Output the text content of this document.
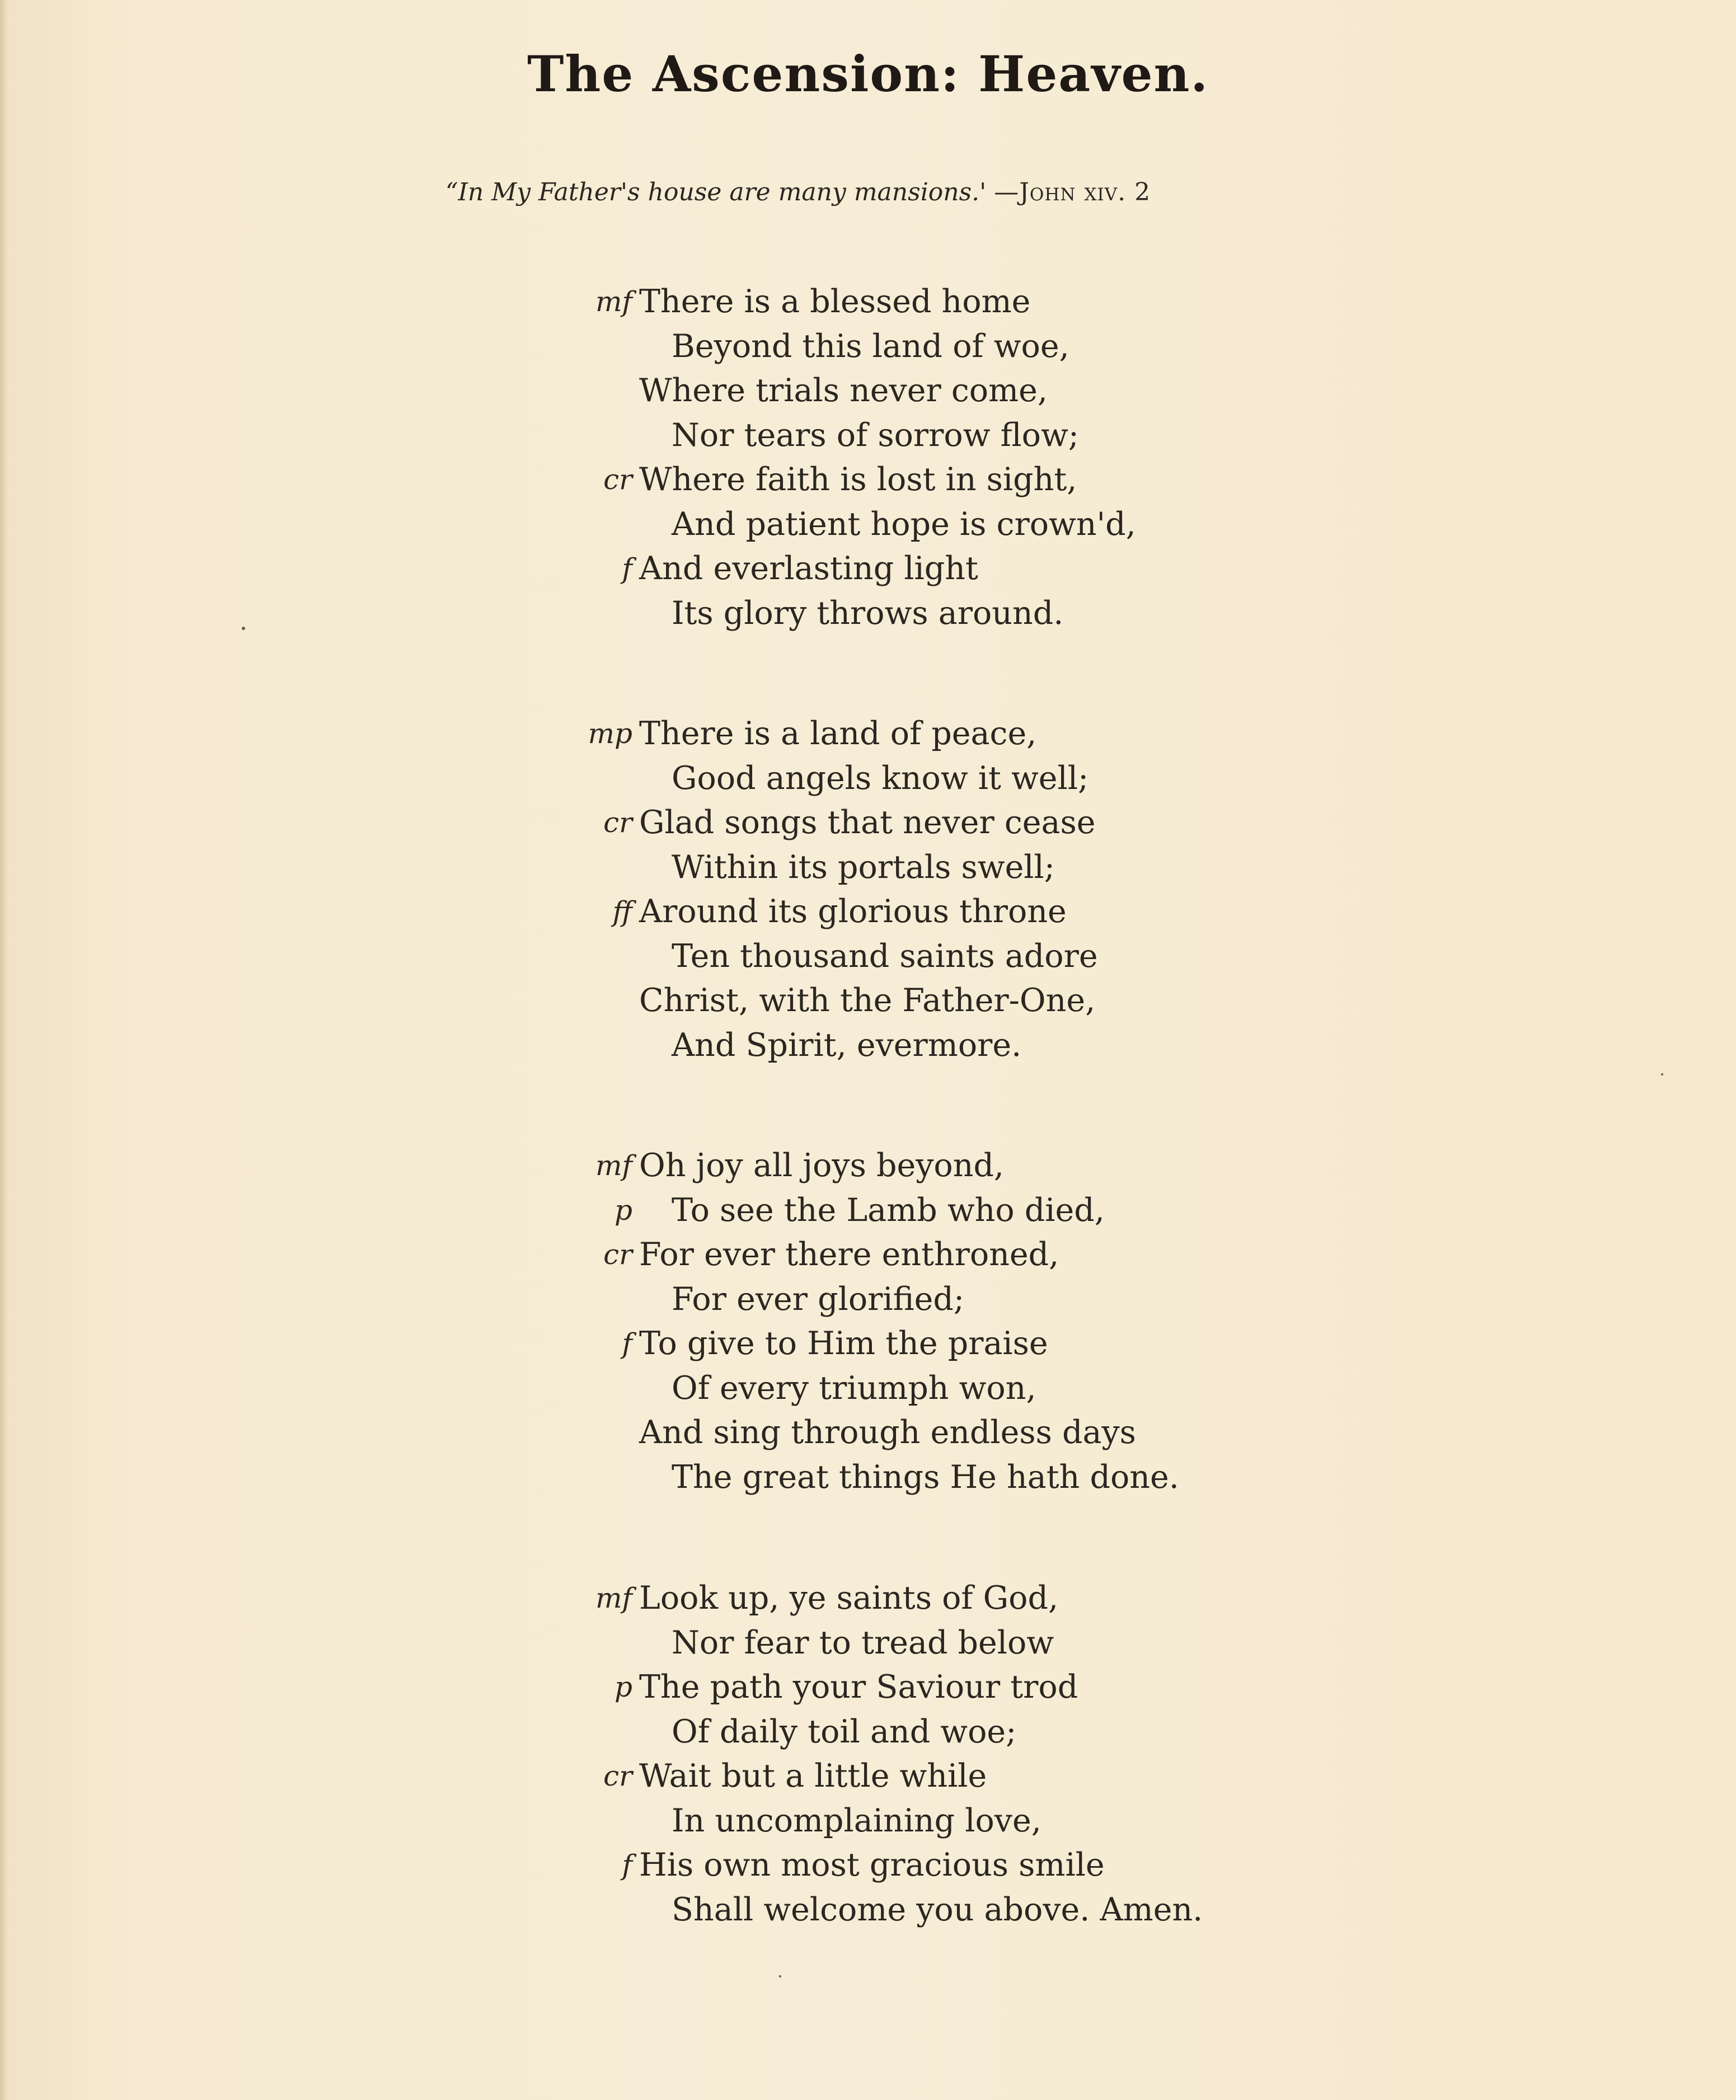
The Ascension: Heaven.
“In My Father's house are many mansions.' —John xiv. 2
mf There is a blessed home
Beyond this land of woe,
Where trials never come,
Nor tears of sorrow flow;
cr Where faith is lost in sight,
And patient hope is crown'd,
f And everlasting light
Its glory throws around.
mp There is a land of peace,
Good angels know it well;
cr Glad songs that never cease
Within its portals swell;
ff Around its glorious throne
Ten thousand saints adore
Christ, with the Father-One,
And Spirit, evermore.
mf Oh joy all joys beyond,
p To see the Lamb who died,
cr For ever there enthroned,
For ever glorified;
f To give to Him the praise
Of every triumph won,
And sing through endless days
The great things He hath done.
mf Look up, ye saints of God,
Nor fear to tread below
p The path your Saviour trod
Of daily toil and woe;
cr Wait but a little while
In uncomplaining love,
f His own most gracious smile
Shall welcome you above. Amen.
